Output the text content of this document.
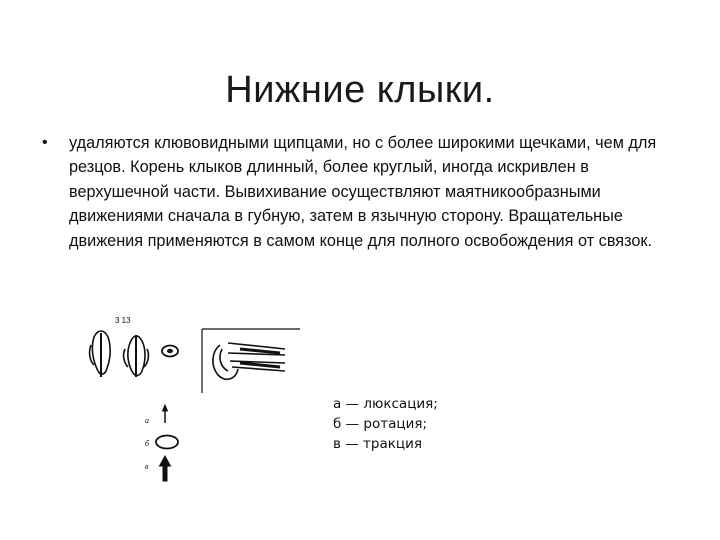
Нижние клыки.
• удаляются клювовидными щипцами, но с более широкими щечками, чем для резцов. Корень клыков длинный, более круглый, иногда искривлен в верхушечной части. Вывихивание осуществляют маятникообразными движениями сначала в губную, затем в язычную сторону. Вращательные движения применяются в самом конце для полного освобождения от связок.
3 13
а
б
в
а — люксация;
б — ротация;
в — тракция
